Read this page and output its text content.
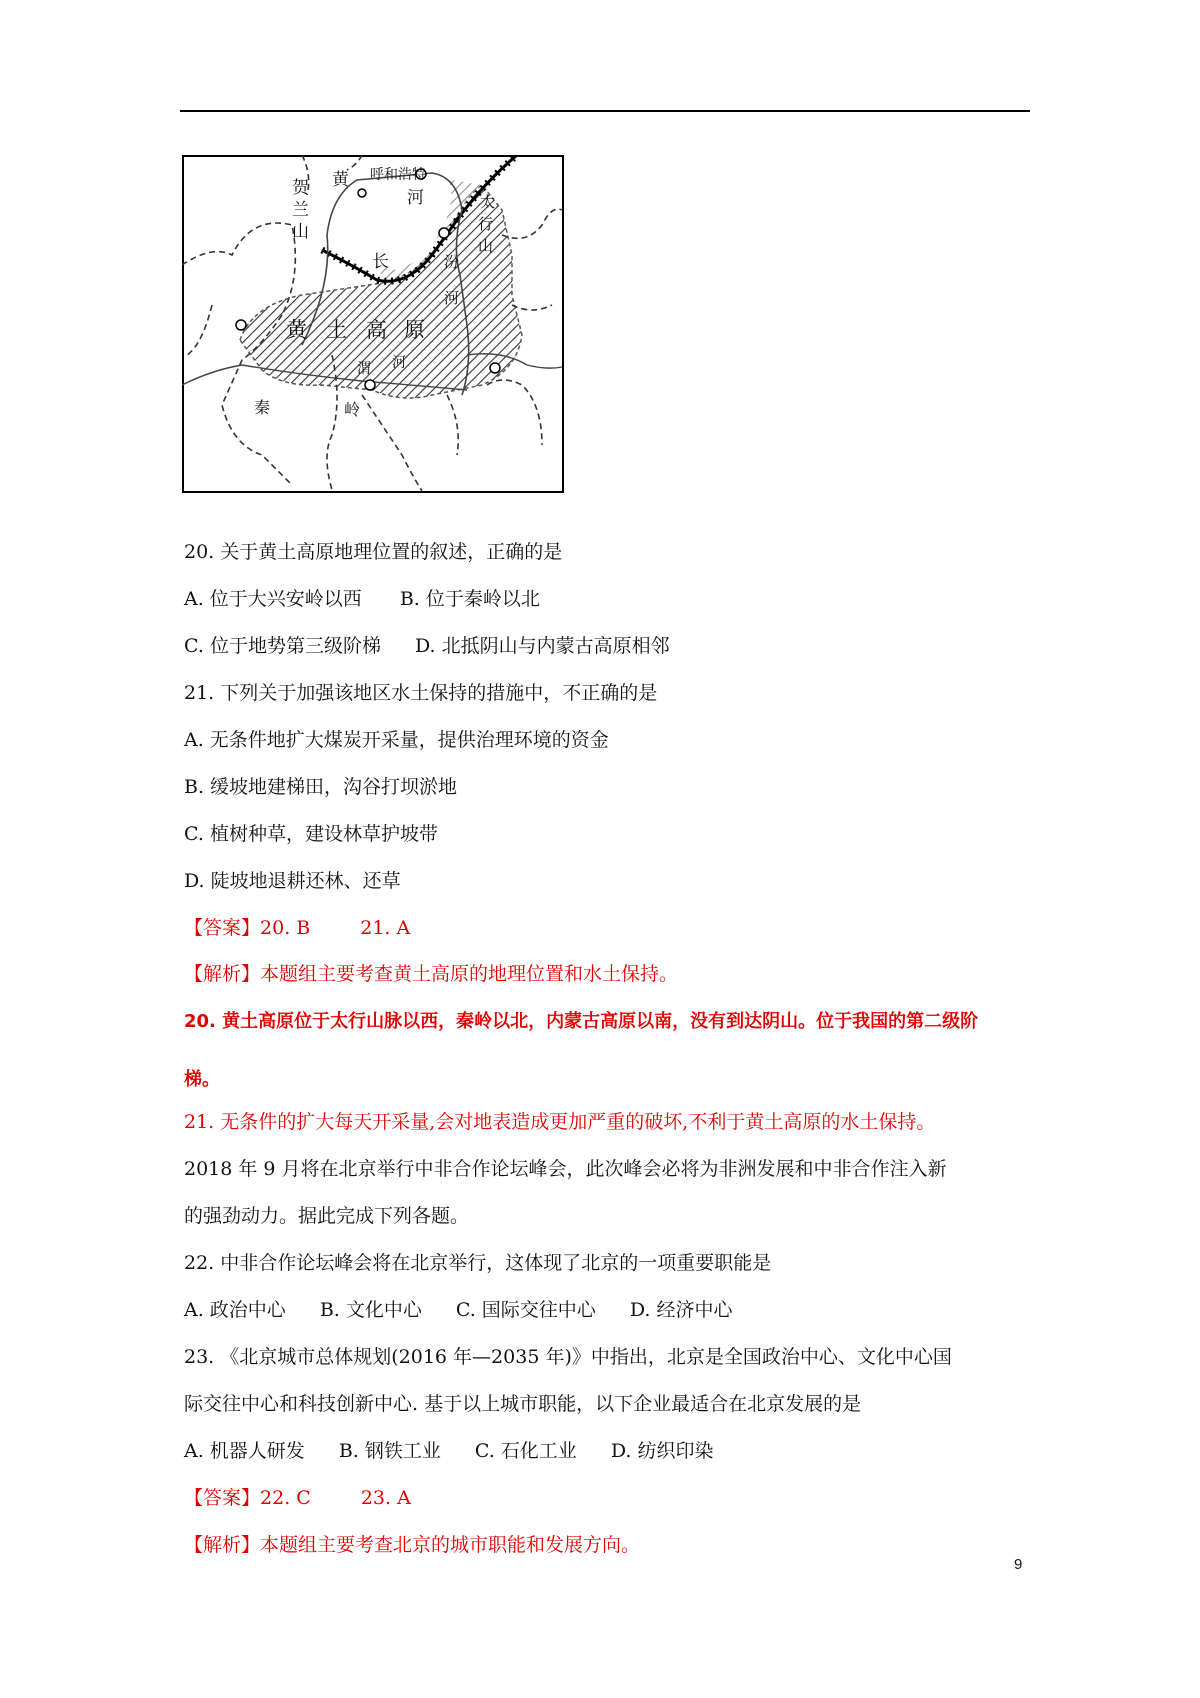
贺
兰
山
黄
河
呼和浩特
太
行
山
长	汾
河
黄 土 高 原
渭 河
秦	岭
20. 关于黄土高原地理位置的叙述，正确的是
A. 位于大兴安岭以西 B. 位于秦岭以北
C. 位于地势第三级阶梯 D. 北抵阴山与内蒙古高原相邻
21. 下列关于加强该地区水土保持的措施中，不正确的是
A. 无条件地扩大煤炭开采量，提供治理环境的资金
B. 缓坡地建梯田，沟谷打坝淤地
C. 植树种草，建设林草护坡带
D. 陡坡地退耕还林、还草
【答案】20. B	21. A
【解析】本题组主要考查黄土高原的地理位置和水土保持。
20. 黄土高原位于太行山脉以西，秦岭以北，内蒙古高原以南，没有到达阴山。位于我国的第二级阶
梯。
21. 无条件的扩大每天开采量,会对地表造成更加严重的破坏,不利于黄土高原的水土保持。
2018 年 9 月将在北京举行中非合作论坛峰会，此次峰会必将为非洲发展和中非合作注入新
的强劲动力。据此完成下列各题。
22. 中非合作论坛峰会将在北京举行，这体现了北京的一项重要职能是
A. 政治中心 B. 文化中心 C. 国际交往中心 D. 经济中心
23. 《北京城市总体规划(2016 年—2035 年)》中指出，北京是全国政治中心、文化中心国
际交往中心和科技创新中心. 基于以上城市职能，以下企业最适合在北京发展的是
A. 机器人研发 B. 钢铁工业 C. 石化工业 D. 纺织印染
【答案】22. C	23. A
【解析】本题组主要考查北京的城市职能和发展方向。
9
